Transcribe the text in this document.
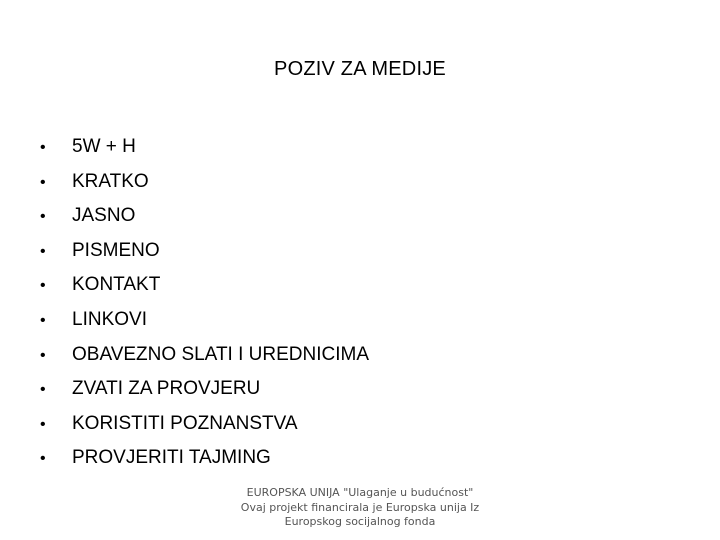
POZIV ZA MEDIJE
• 5W + H
• KRATKO
• JASNO
• PISMENO
• KONTAKT
• LINKOVI
• OBAVEZNO SLATI I UREDNICIMA
• ZVATI ZA PROVJERU
• KORISTITI POZNANSTVA
• PROVJERITI TAJMING

EUROPSKA UNIJA "Ulaganje u budućnost" Ovaj projekt financirala je Europska unija Iz Europskog socijalnog fonda
